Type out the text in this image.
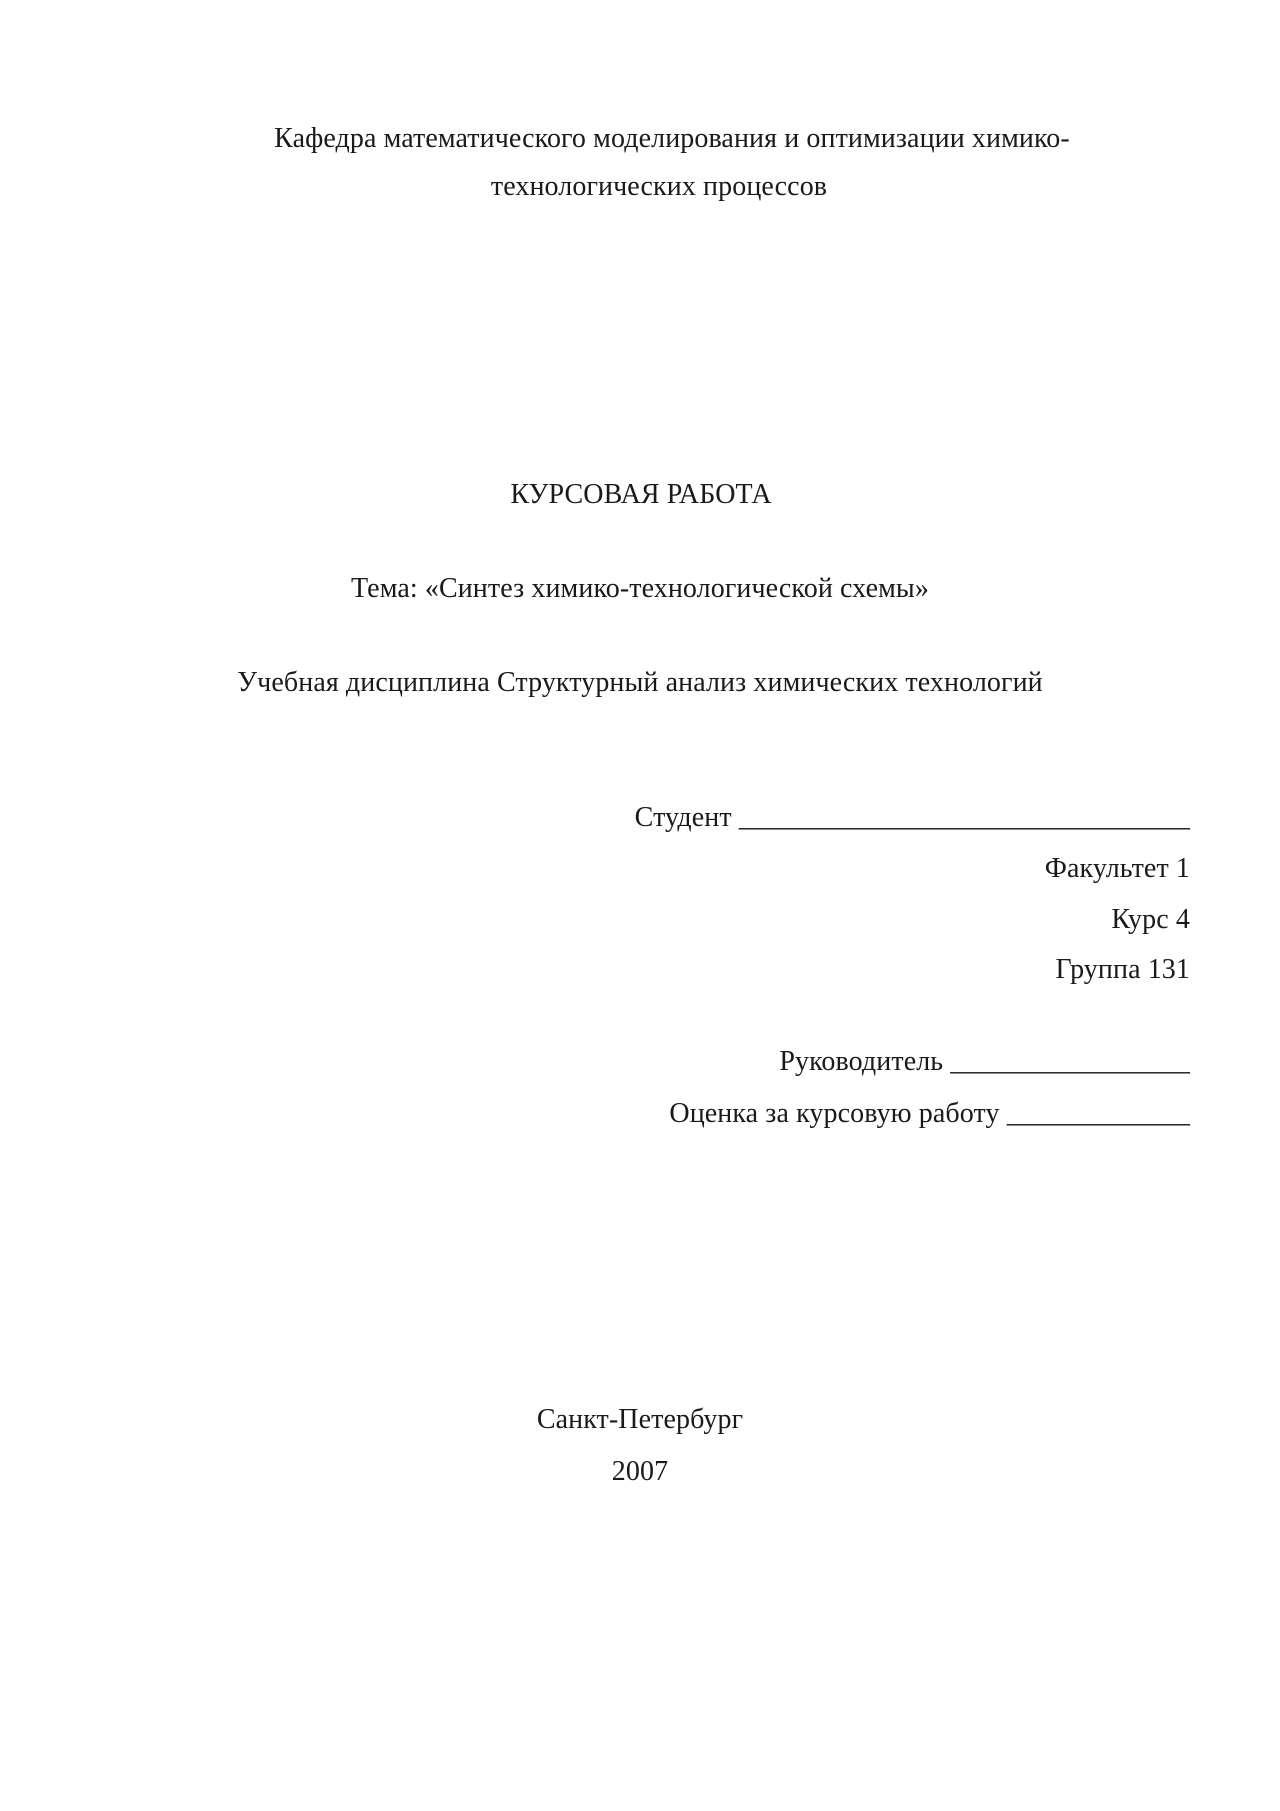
Кафедра математического моделирования и оптимизации химико-
технологических процессов
КУРСОВАЯ РАБОТА
Тема: «Синтез химико-технологической схемы»
Учебная дисциплина Структурный анализ химических технологий
Студент ________________________________
Факультет 1
Курс 4
Группа 131
Руководитель _________________
Оценка за курсовую работу _____________
Санкт-Петербург
2007
